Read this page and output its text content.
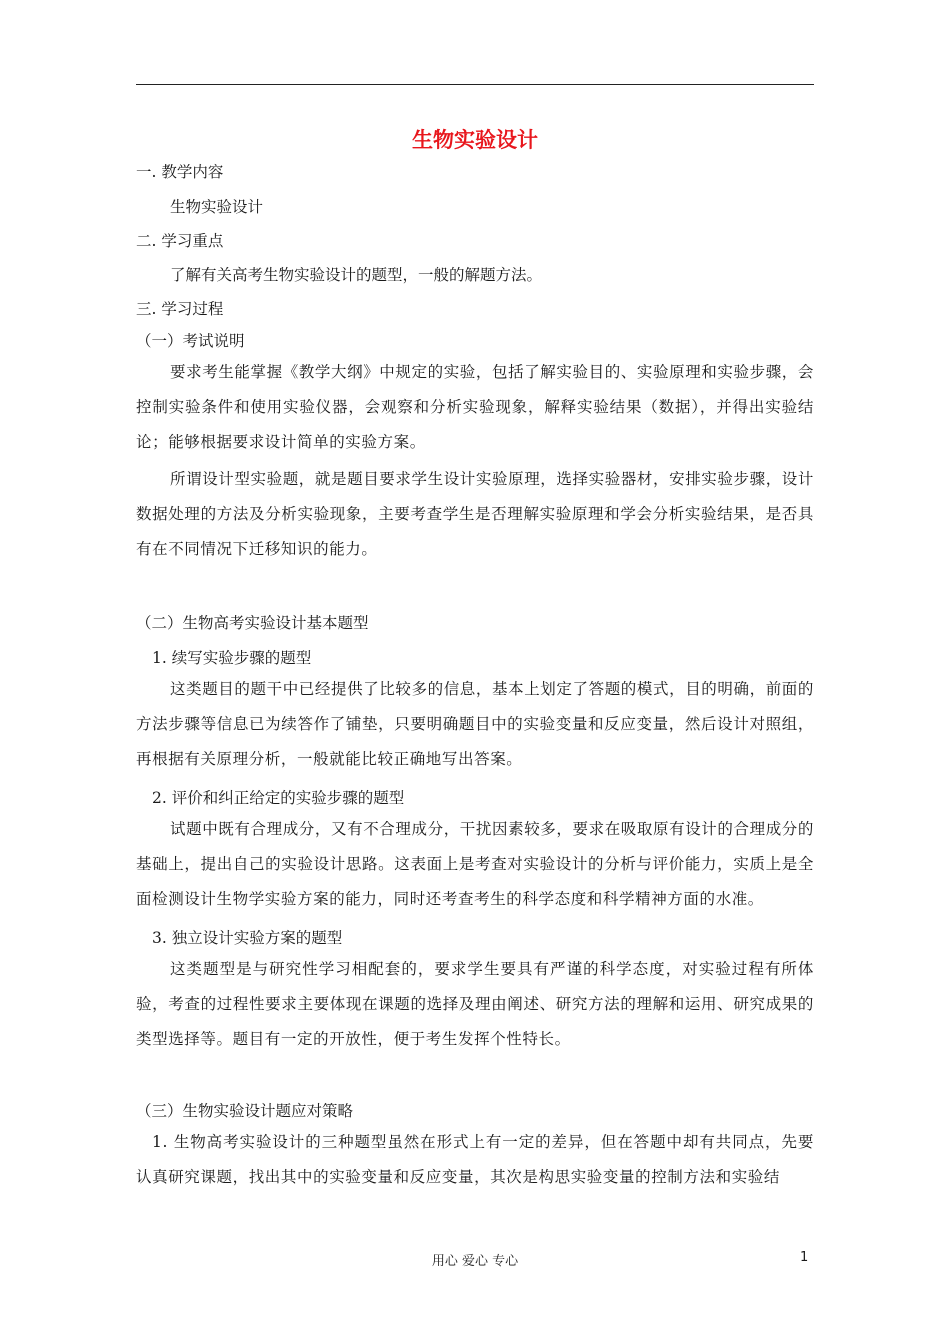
生物实验设计
一. 教学内容
生物实验设计
二. 学习重点
了解有关高考生物实验设计的题型，一般的解题方法。
三. 学习过程
（一）考试说明
要求考生能掌握《教学大纲》中规定的实验，包括了解实验目的、实验原理和实验步骤，会控制实验条件和使用实验仪器，会观察和分析实验现象，解释实验结果（数据），并得出实验结论；能够根据要求设计简单的实验方案。
所谓设计型实验题，就是题目要求学生设计实验原理，选择实验器材，安排实验步骤，设计数据处理的方法及分析实验现象，主要考查学生是否理解实验原理和学会分析实验结果，是否具有在不同情况下迁移知识的能力。
（二）生物高考实验设计基本题型
1. 续写实验步骤的题型
这类题目的题干中已经提供了比较多的信息，基本上划定了答题的模式，目的明确，前面的方法步骤等信息已为续答作了铺垫，只要明确题目中的实验变量和反应变量，然后设计对照组，再根据有关原理分析，一般就能比较正确地写出答案。
2. 评价和纠正给定的实验步骤的题型
试题中既有合理成分，又有不合理成分，干扰因素较多，要求在吸取原有设计的合理成分的基础上，提出自己的实验设计思路。这表面上是考查对实验设计的分析与评价能力，实质上是全面检测设计生物学实验方案的能力，同时还考查考生的科学态度和科学精神方面的水准。
3. 独立设计实验方案的题型
这类题型是与研究性学习相配套的，要求学生要具有严谨的科学态度，对实验过程有所体验，考查的过程性要求主要体现在课题的选择及理由阐述、研究方法的理解和运用、研究成果的类型选择等。题目有一定的开放性，便于考生发挥个性特长。
（三）生物实验设计题应对策略
1. 生物高考实验设计的三种题型虽然在形式上有一定的差异，但在答题中却有共同点，先要认真研究课题，找出其中的实验变量和反应变量，其次是构思实验变量的控制方法和实验结
用心 爱心 专心	1
